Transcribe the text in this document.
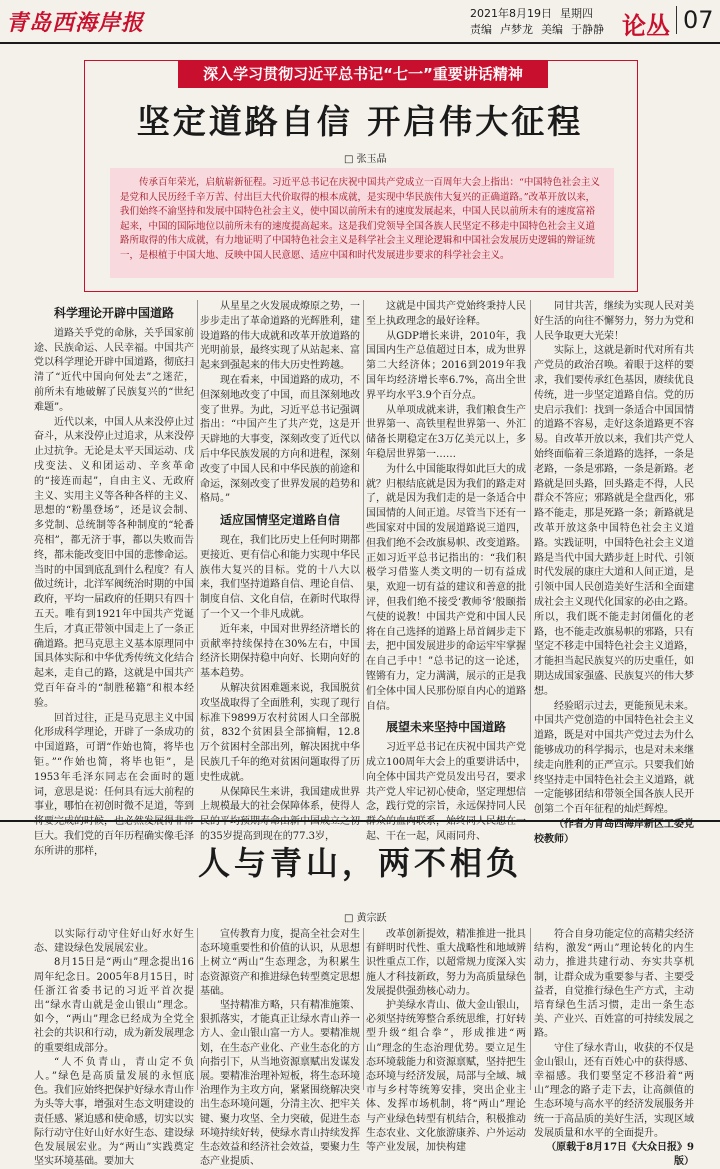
青岛西海岸报	2021年8月19日 星期四
责编 卢梦龙 美编 于静静 论丛 07
深入学习贯彻习近平总书记“七一”重要讲话精神
坚定道路自信 开启伟大征程
□ 张玉晶
传承百年荣光，启航崭新征程。习近平总书记在庆祝中国共产党成立一百周年大会上指出：“中国特色社会主义是党和人民历经千辛万苦、付出巨大代价取得的根本成就，是实现中华民族伟大复兴的正确道路。”改革开放以来，我们始终不渝坚持和发展中国特色社会主义，使中国以前所未有的速度发展起来，中国人民以前所未有的速度富裕起来，中国的国际地位以前所未有的速度提高起来。这是我们党领导全国各族人民坚定不移走中国特色社会主义道路所取得的伟大成就，有力地证明了中国特色社会主义是科学社会主义理论逻辑和中国社会发展历史逻辑的辩证统一，是根植于中国大地、反映中国人民意愿、适应中国和时代发展进步要求的科学社会主义。

科学理论开辟中国道路

道路关乎党的命脉，关乎国家前途、民族命运、人民幸福。中国共产党以科学理论开辟中国道路，彻底扫清了“近代中国向何处去”之迷茫，前所未有地破解了民族复兴的“世纪难题”。

近代以来，中国人从来没停止过奋斗，从来没停止过追求，从来没停止过抗争。无论是太平天国运动、戊戌变法、义和团运动、辛亥革命的“接连而起”，自由主义、无政府主义、实用主义等各种各样的主义、思想的“粉墨登场”，还是议会制、多党制、总统制等各种制度的“轮番亮相”，都无济于事，都以失败而告终，都未能改变旧中国的悲惨命运。当时的中国到底乱到什么程度？有人做过统计，北洋军阀统治时期的中国政府，平均一届政府的任期只有四十五天。唯有到1921年中国共产党诞生后，才真正带领中国走上了一条正确道路。把马克思主义基本原理同中国具体实际和中华优秀传统文化结合起来，走自己的路，这就是中国共产党百年奋斗的“制胜秘籍”和根本经验。

回首过往，正是马克思主义中国化形成科学理论，开辟了一条成功的中国道路，可谓“作始也简，将毕也钜。”“作始也简，将毕也钜”，是1953年毛泽东同志在会面时的题词，意思是说：任何具有远大前程的事业，哪怕在初创时微不足道，等到将要完成的时候，也必然发展得非常巨大。我们党的百年历程确实像毛泽东所讲的那样，

从星星之火发展成燎原之势，一步步走出了革命道路的光辉胜利，建设道路的伟大成就和改革开放道路的光明前景，最终实现了从站起来、富起来到强起来的伟大历史性跨越。

现在看来，中国道路的成功，不但深刻地改变了中国，而且深刻地改变了世界。为此，习近平总书记强调指出：“中国产生了共产党，这是开天辟地的大事变，深刻改变了近代以后中华民族发展的方向和进程，深刻改变了中国人民和中华民族的前途和命运，深刻改变了世界发展的趋势和格局。”

适应国情坚定道路自信

现在，我们比历史上任何时期都更接近、更有信心和能力实现中华民族伟大复兴的目标。党的十八大以来，我们坚持道路自信、理论自信、制度自信、文化自信，在新时代取得了一个又一个非凡成就。

近年来，中国对世界经济增长的贡献率持续保持在30%左右，中国经济长期保持稳中向好、长期向好的基本趋势。

从解决贫困难题来说，我国脱贫攻坚战取得了全面胜利，实现了现行标准下9899万农村贫困人口全部脱贫，832个贫困县全部摘帽，12.8万个贫困村全部出列，解决困扰中华民族几千年的绝对贫困问题取得了历史性成就。

从保障民生来讲，我国建成世界上规模最大的社会保障体系，使得人民的平均预期寿命由新中国成立之初的35岁提高到现在的77.3岁，

这就是中国共产党始终秉持人民至上执政理念的最好诠释。

从GDP增长来讲，2010年，我国国内生产总值超过日本，成为世界第二大经济体；2016到2019年我国年均经济增长率6.7%，高出全世界平均水平3.9个百分点。

从单项成就来讲，我们粮食生产世界第一、高铁里程世界第一、外汇储备长期稳定在3万亿美元以上，多年稳居世界第一……

为什么中国能取得如此巨大的成就？归根结底就是因为我们的路走对了，就是因为我们走的是一条适合中国国情的人间正道。尽管当下还有一些国家对中国的发展道路说三道四，但我们绝不会改旗易帜、改变道路。正如习近平总书记指出的：“我们积极学习借鉴人类文明的一切有益成果，欢迎一切有益的建议和善意的批评，但我们绝不接受‘教师爷’般颐指气使的说教！中国共产党和中国人民将在自己选择的道路上昂首阔步走下去，把中国发展进步的命运牢牢掌握在自己手中！”总书记的这一论述，铿锵有力，定力满满，展示的正是我们全体中国人民那份原自内心的道路自信。

展望未来坚持中国道路

习近平总书记在庆祝中国共产党成立100周年大会上的重要讲话中，向全体中国共产党员发出号召，要求共产党人牢记初心使命，坚定理想信念，践行党的宗旨，永远保持同人民群众的血肉联系，始终同人民想在一起、干在一起，风雨同舟、

同甘共苦，继续为实现人民对美好生活的向往不懈努力，努力为党和人民争取更大光荣！

实际上，这就是新时代对所有共产党员的政治召唤。着眼于这样的要求，我们要传承红色基因，赓续优良传统，进一步坚定道路自信。党的历史启示我们：找到一条适合中国国情的道路不容易，走好这条道路更不容易。自改革开放以来，我们共产党人始终面临着三条道路的选择，一条是老路，一条是邪路，一条是新路。老路就是回头路，回头路走不得，人民群众不答应；邪路就是全盘西化，邪路不能走，那是死路一条；新路就是改革开放这条中国特色社会主义道路。实践证明，中国特色社会主义道路是当代中国大踏步赶上时代、引领时代发展的康庄大道和人间正道，是引领中国人民创造美好生活和全面建成社会主义现代化国家的必由之路。所以，我们既不能走封闭僵化的老路，也不能走改旗易帜的邪路，只有坚定不移走中国特色社会主义道路，才能担当起民族复兴的历史重任，如期达成国家强盛、民族复兴的伟大梦想。

经验昭示过去，更能预见未来。中国共产党创造的中国特色社会主义道路，既是对中国共产党过去为什么能够成功的科学揭示，也是对未来继续走向胜利的正严宣示。只要我们始终坚持走中国特色社会主义道路，就一定能够团结和带领全国各族人民开创第二个百年征程的灿烂辉煌。

（作者为青岛西海岸新区工委党校教师）

人与青山，两不相负
□ 黄宗跃

以实际行动守住好山好水好生态、建设绿色发展展宏业。

8月15日是“两山”理念提出16周年纪念日。2005年8月15日，时任浙江省委书记的习近平首次提出“绿水青山就是金山银山”理念。如今，“两山”理念已经成为全党全社会的共识和行动，成为新发展理念的重要组成部分。

“人不负青山，青山定不负人。”绿色是高质量发展的永恒底色。我们应始终把保护好绿水青山作为头等大事，增强对生态文明建设的责任感、紧迫感和使命感，切实以实际行动守住好山好水好生态、建设绿色发展展宏业。为“两山”实践奠定坚实环境基础。要加大

宣传教育力度，提高全社会对生态环境重要性和价值的认识，从思想上树立“两山”生态理念，为积累生态资源资产和推进绿色转型奠定思想基础。

坚持精准方略，只有精准施策、狠抓落实，才能真正让绿水青山养一方人、金山银山富一方人。要精准规划，在生态产业化、产业生态化的方向指引下，从当地资源禀赋出发谋发展。要精准治理补短板，将生态环境治理作为主攻方向，紧紧围绕解决突出生态环境问题，分清主次、把牢关键、聚力攻坚、全力突破，促进生态环境持续好转，使绿水青山持续发挥生态效益和经济社会效益，要聚力生态产业提质、

改革创新提效，精准推进一批具有鲜明时代性、重大战略性和地域辨识性重点工作，以超常规力度深入实施人才科技新政，努力为高质量绿色发展提供强劲核心动力。

护美绿水青山、做大金山银山，必须坚持统筹整合系统思维，打好转型升级“组合拳”，形成推进“两山”理念的生态治理优势。要立足生态环境载能力和资源禀赋，坚持把生态环境与经济发展，局部与全域、城市与乡村等统筹安排，突出企业主体、发挥市场机制，将“两山”理论与产业绿色转型有机结合，积极推动生态农业、文化旅游康养、户外运动等产业发展，加快构建

符合自身功能定位的高精尖经济结构，激发“两山”理论转化的内生动力，推进共建行动、夯实共享机制，让群众成为重要参与者、主要受益者，自觉推行绿色生产方式，主动培育绿色生活习惯，走出一条生态美、产业兴、百姓富的可持续发展之路。

守住了绿水青山，收获的不仅是金山银山，还有百姓心中的获得感、幸福感。我们要坚定不移沿着“两山”理念的路子走下去，让高颜值的生态环境与高水平的经济发展服务并统一于高品质的美好生活，实现区域发展质量和水平的全面提升。

（原载于8月17日《大众日报》9版）
